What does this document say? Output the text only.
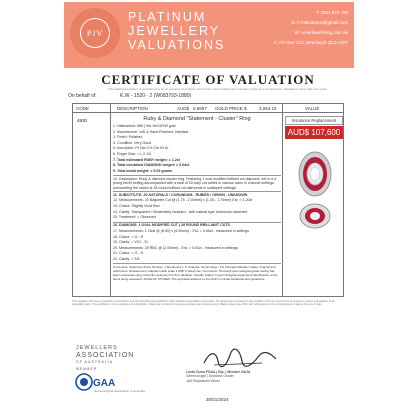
PJV
PLATINUM
JEWELLERY
VALUATIONS
T: 0411 843 765
E: PJValuations@gmail.com
W: www.bearhinng.com.au
A: PO Box 1111 Beenleigh QLD 4207
CERTIFICATE OF VALUATION
The attached jewellery is considered to be an accurate description and current retail replacement valuation at the time of inspection. Valuations expire after two years.
On behalf of:	K.W - 1520 - 2 (W083793-1880)
CODE	DESCRIPTION	AUD$ 0.6597 GOLD PRICE $	3,064.15	VALUE
4830	Ruby & Diamond "Statement - Cluster" Ring
1. Hallmarked: 585 ( 9ct Yel/18YW gold
2. Manufacture: 14K & Hand Finished, Handset
3. Finish: Polished
4. Condition: Very Good
5. Inscription: Pt Ctm 0.5 Cts 0/t Ur
6. Finger Size: = L 0 1/4
7. Total estimated RUBY weight: = 1.2ct
8. Total combined DIAMOND weight: = 0.64ct
9. Total metal weight: = 9.09 grams
10. Description: Ruby & diamond cluster ring. Featuring 1 oval modified brilliant cut diamond, set in a 4 prong bezel setting accompanied with a total of 20 ruby cut rubies in various sizes in channel settings, surrounding the rubies is 28 round brilliant cut diamonds in scalloped settings.
11. SUBSTITUTE: 20 NATURALS / CORUNDUM - RUBIES / ORIGIN - UNKNOWN
12. Measurements: 20 Baguette Cut @ (1.75 - 2.00mm) x (1.35 - 1.75mm) Est. = 1.20ct
13. Colour: Slightly Vivid Red
14. Clarity: Transparent / Moderately included - with natural type inclusions observed
15. Treatment: = Observed
16. DIAMOND: 1 OVAL MODIFIED CUT | 28 ROUND BRILLIANT CUTS
17. Measurements: 1 Oval @ (6.50) x (4.00mm) - Est. = 0.60ct - measured in settings
18. Colour: = G - H
19. Clarity: = VS1 - SI
20. Measurements: 28 RBC @ (2.00mm) - Est. = 0.04ct - measured in settings
21. Colour: = G - H
22. Clarity: = SI1
Comments: Statement Piece Number: 1 Mentioned 1. 5. Analysis: Gemmology / 1% Principal Valuation Value: Original and retail piece. Replacement valuation table scale 1 RRP in Real Use. Comments: Thorough gemmological grade testing has been conducted using scientific equipment for this valuation. Usually subject to gemmological equipment identification of the items being assessed. ZONE OF STONES: The appraisal adheres to the AGP's minimal standards and guidelines.
Insurance Replacement
AUD$ 107,600
This valuation has been conducted in accordance with the principles and guidelines of the Jewellers Association of Australia. The assessment is based on the condition of the item at the time of inspection and an examination of all accessible parts. This certificate is not a guarantee of authenticity. Values are provided for insurance replacement purposes only. Market values may differ and will depend on the circumstances of sale at the time of sale.
JEWELLERS
ASSOCIATION
OF AUSTRALIA
MEMBER
GAA
Gemmological Association of Australia
Linda Gunn FGAA | Dip. | Member NAJA
Gemmologist | Diamond Grader
JAA Registered Valuer
30/01/2024
